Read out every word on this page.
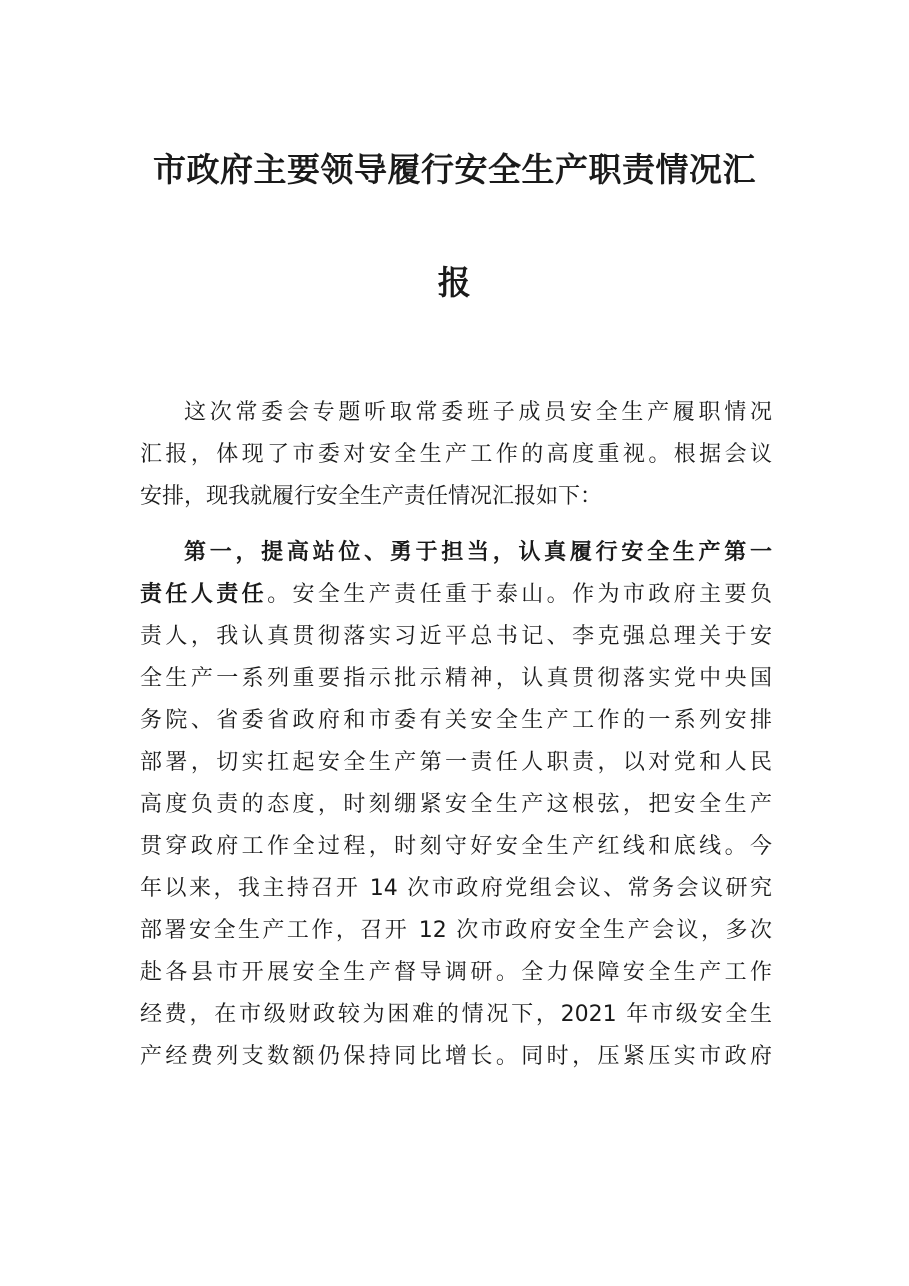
市政府主要领导履行安全生产职责情况汇
报
这次常委会专题听取常委班子成员安全生产履职情况
汇报，体现了市委对安全生产工作的高度重视。根据会议
安排，现我就履行安全生产责任情况汇报如下：
第一，提高站位、勇于担当，认真履行安全生产第一
责任人责任。安全生产责任重于泰山。作为市政府主要负
责人，我认真贯彻落实习近平总书记、李克强总理关于安
全生产一系列重要指示批示精神，认真贯彻落实党中央国
务院、省委省政府和市委有关安全生产工作的一系列安排
部署，切实扛起安全生产第一责任人职责，以对党和人民
高度负责的态度，时刻绷紧安全生产这根弦，把安全生产
贯穿政府工作全过程，时刻守好安全生产红线和底线。今
年以来，我主持召开 14 次市政府党组会议、常务会议研究
部署安全生产工作，召开 12 次市政府安全生产会议，多次
赴各县市开展安全生产督导调研。全力保障安全生产工作
经费，在市级财政较为困难的情况下，2021 年市级安全生
产经费列支数额仍保持同比增长。同时，压紧压实市政府
